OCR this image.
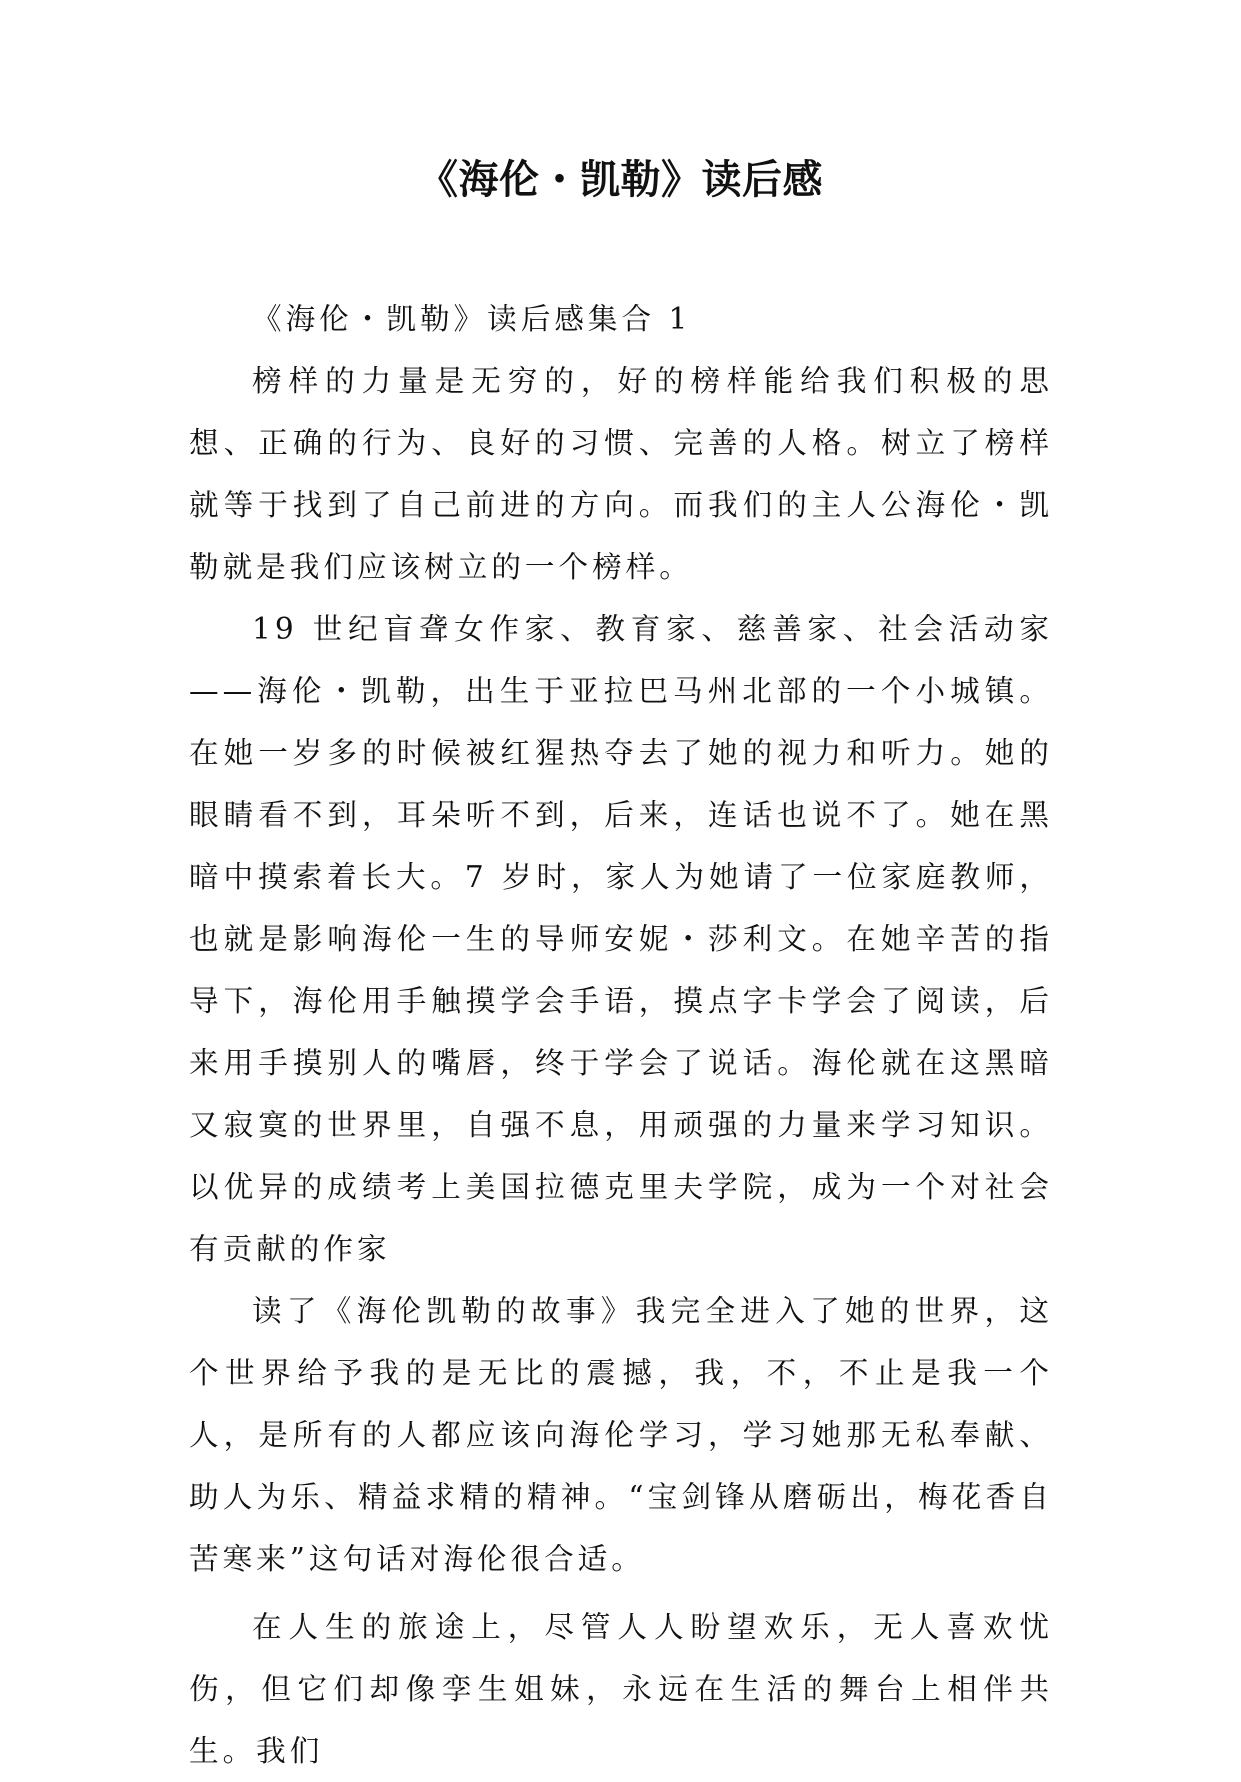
《海伦・凯勒》读后感

《海伦・凯勒》读后感集合 1

榜样的力量是无穷的，好的榜样能给我们积极的思想、正确的行为、良好的习惯、完善的人格。树立了榜样就等于找到了自己前进的方向。而我们的主人公海伦・凯勒就是我们应该树立的一个榜样。

19 世纪盲聋女作家、教育家、慈善家、社会活动家——海伦・凯勒，出生于亚拉巴马州北部的一个小城镇。在她一岁多的时候被红猩热夺去了她的视力和听力。她的眼睛看不到，耳朵听不到，后来，连话也说不了。她在黑暗中摸索着长大。7 岁时，家人为她请了一位家庭教师，也就是影响海伦一生的导师安妮・莎利文。在她辛苦的指导下，海伦用手触摸学会手语，摸点字卡学会了阅读，后来用手摸别人的嘴唇，终于学会了说话。海伦就在这黑暗又寂寞的世界里，自强不息，用顽强的力量来学习知识。以优异的成绩考上美国拉德克里夫学院，成为一个对社会有贡献的作家

读了《海伦凯勒的故事》我完全进入了她的世界，这个世界给予我的是无比的震撼，我，不，不止是我一个人，是所有的人都应该向海伦学习，学习她那无私奉献、助人为乐、精益求精的精神。“宝剑锋从磨砺出，梅花香自苦寒来”这句话对海伦很合适。

在人生的旅途上，尽管人人盼望欢乐，无人喜欢忧伤，但它们却像孪生姐妹，永远在生活的舞台上相伴共生。我们
